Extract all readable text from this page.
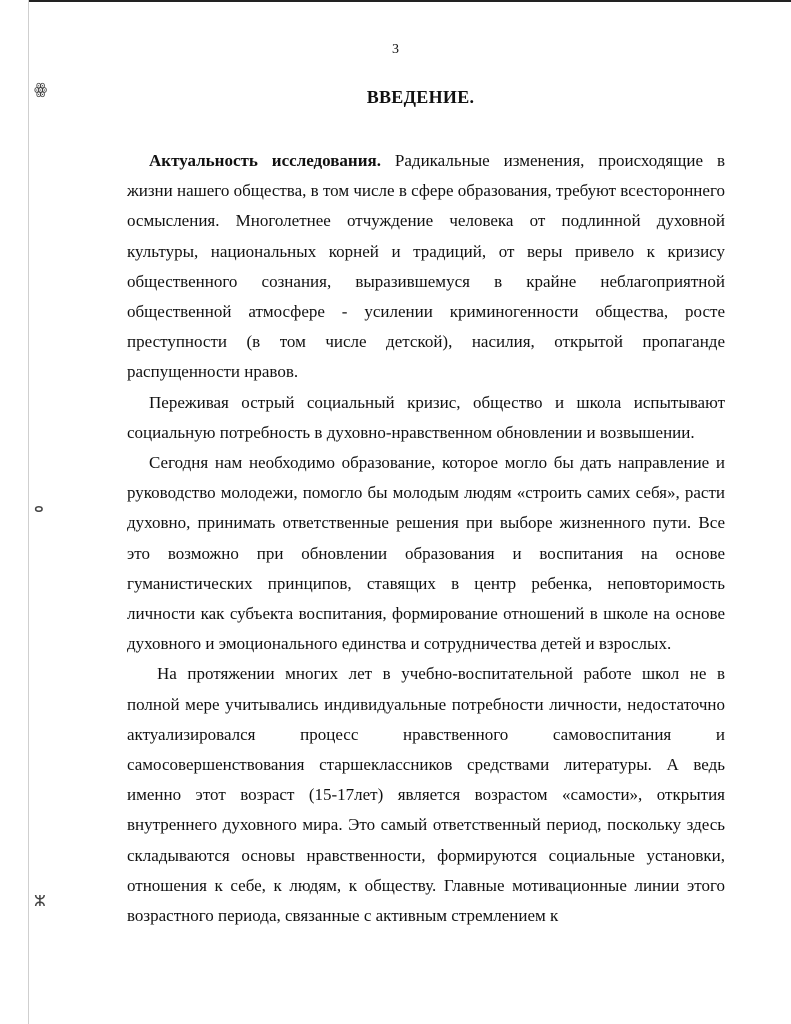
ꙮ
ⴰ
ⵣ
3
ВВЕДЕНИЕ.

Актуальность исследования. Радикальные изменения, происходящие в жизни нашего общества, в том числе в сфере образования, требуют всестороннего осмысления. Многолетнее отчуждение человека от подлинной духовной культуры, национальных корней и традиций, от веры привело к кризису общественного сознания, выразившемуся в крайне неблагоприятной общественной атмосфере - усилении криминогенности общества, росте преступности (в том числе детской), насилия, открытой пропаганде распущенности нравов.

Переживая острый социальный кризис, общество и школа испытывают социальную потребность в духовно-нравственном обновлении и возвышении.

Сегодня нам необходимо образование, которое могло бы дать направление и руководство молодежи, помогло бы молодым людям «строить самих себя», расти духовно, принимать ответственные решения при выборе жизненного пути. Все это возможно при обновлении образования и воспитания на основе гуманистических принципов, ставящих в центр ребенка, неповторимость личности как субъекта воспитания, формирование отношений в школе на основе духовного и эмоционального единства и сотрудничества детей и взрослых.

На протяжении многих лет в учебно-воспитательной работе школ не в полной мере учитывались индивидуальные потребности личности, недостаточно актуализировался процесс нравственного самовоспитания и самосовершенствования старшеклассников средствами литературы. А ведь именно этот возраст (15-17лет) является возрастом «самости», открытия внутреннего духовного мира. Это самый ответственный период, поскольку здесь складываются основы нравственности, формируются социальные установки, отношения к себе, к людям, к обществу. Главные мотивационные линии этого возрастного периода, связанные с активным стремлением к
